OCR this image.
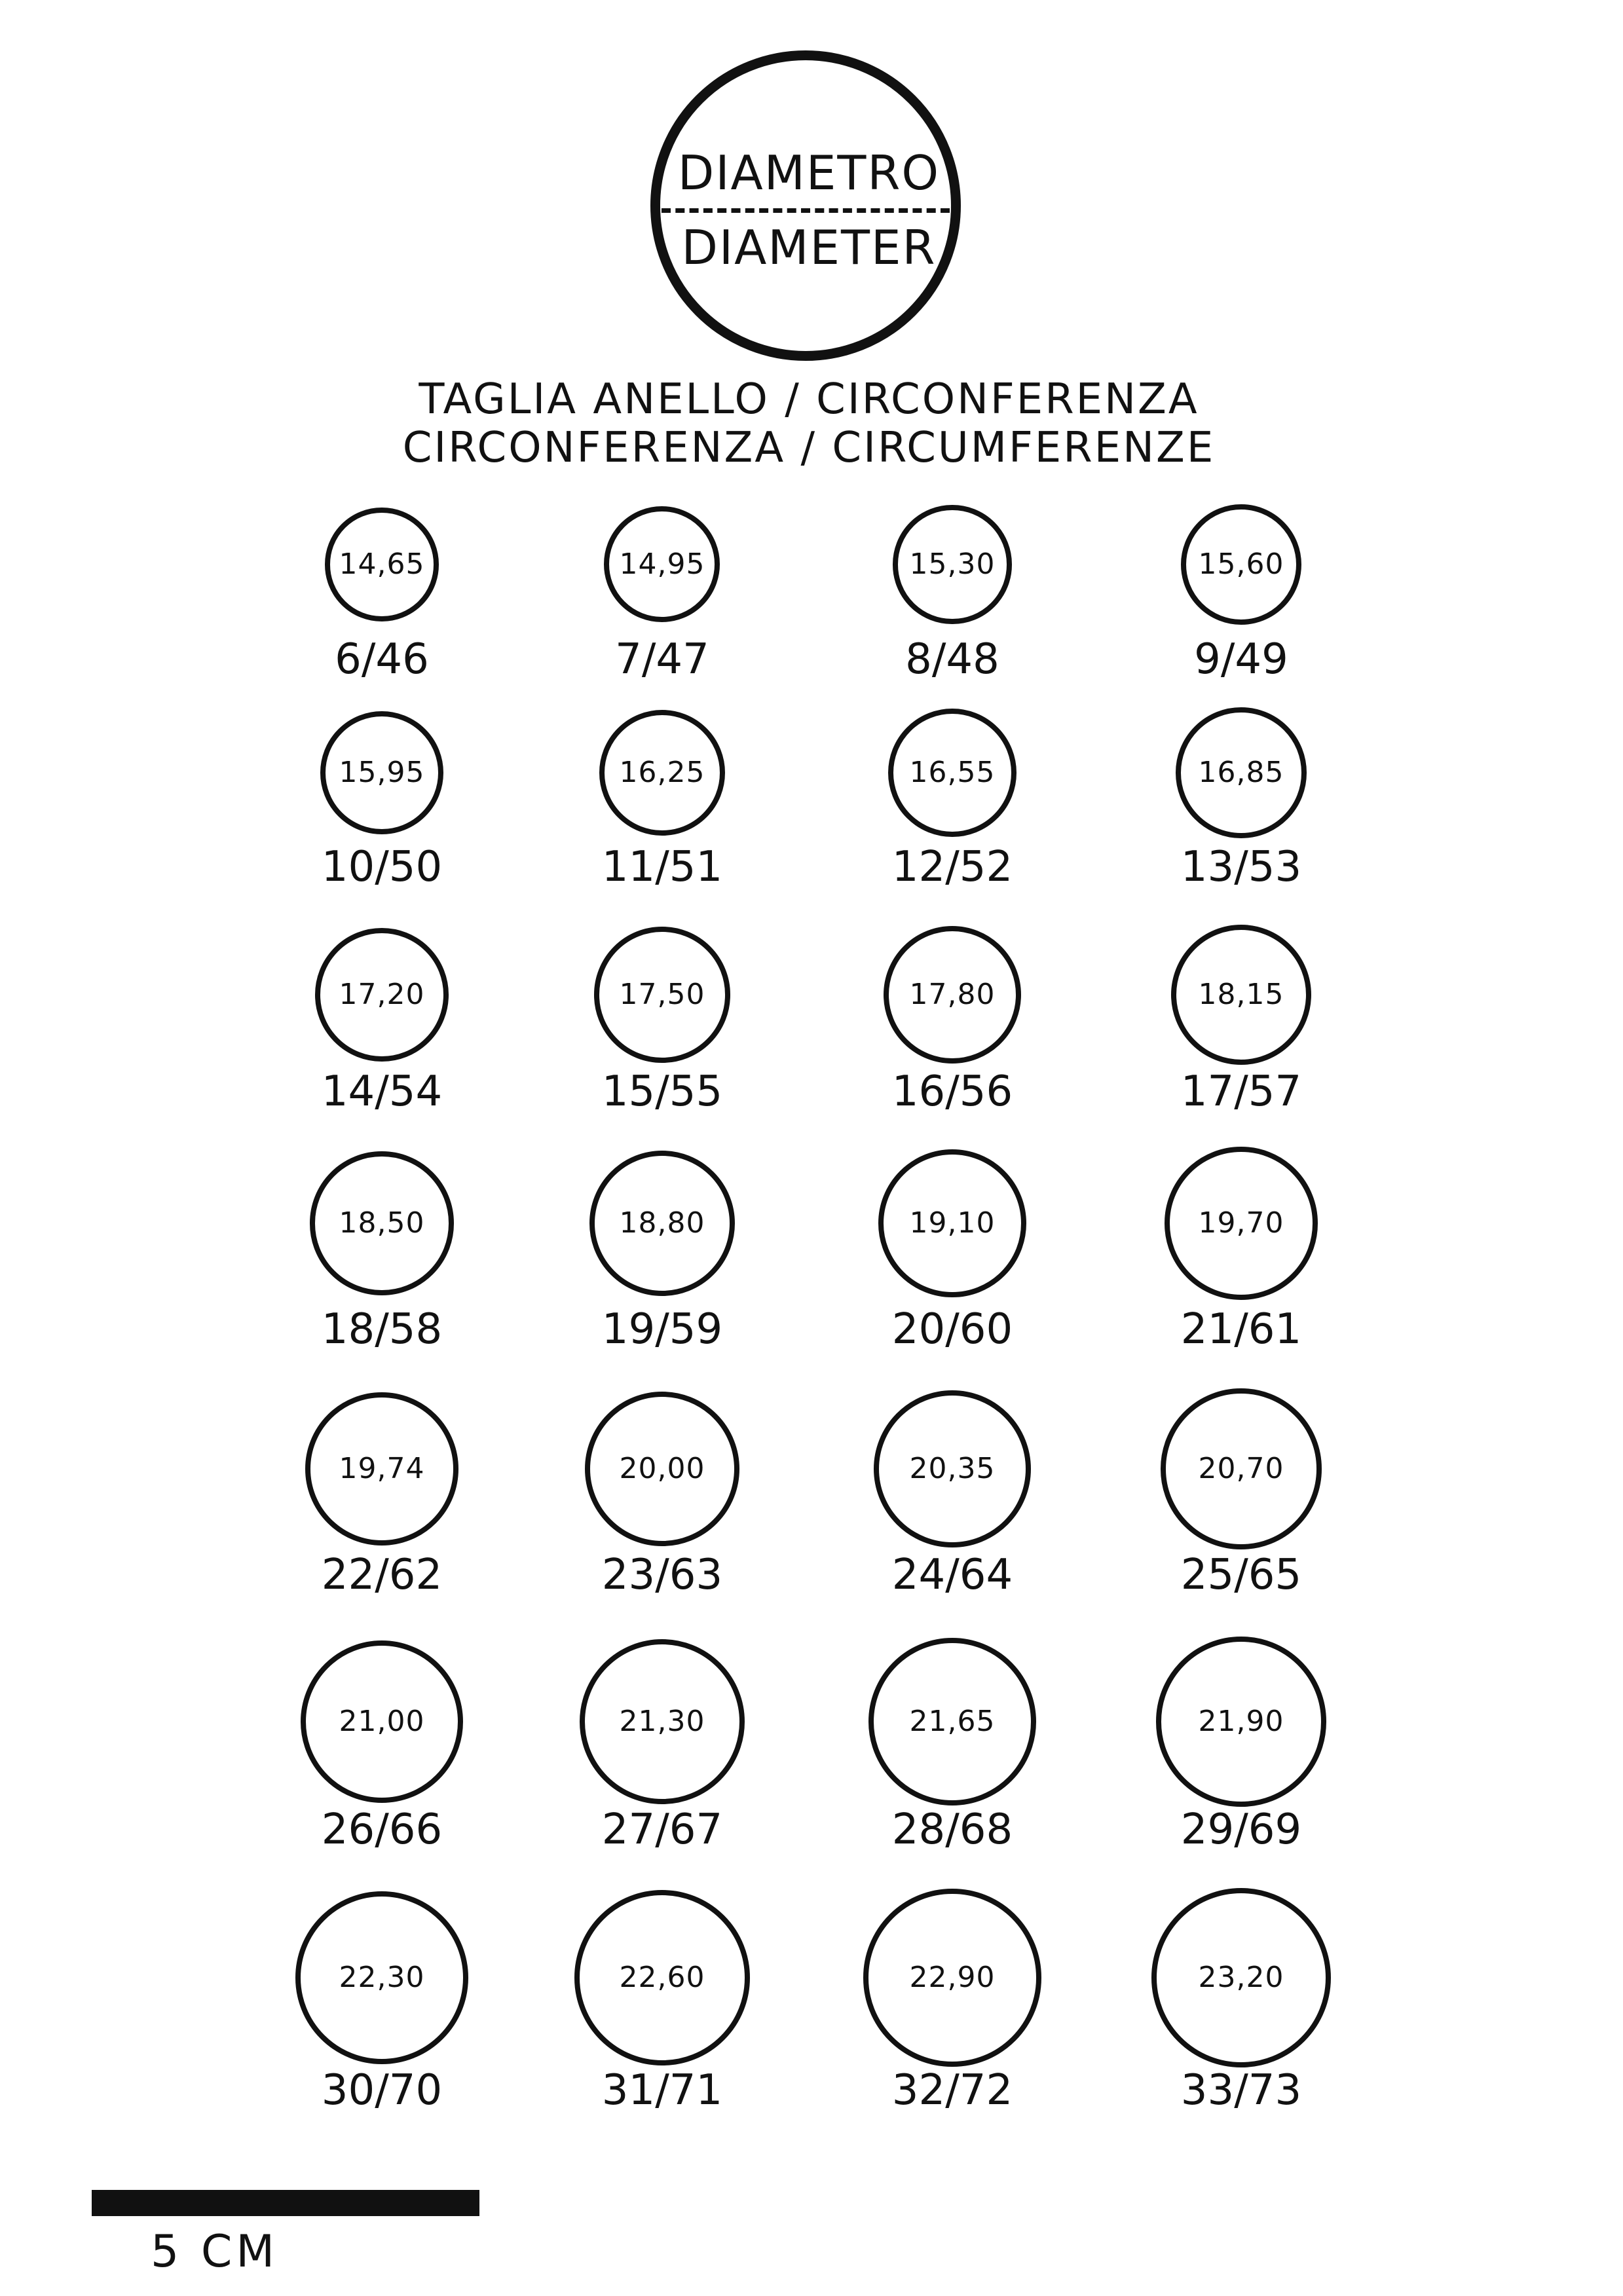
DIAMETRO
DIAMETER
TAGLIA ANELLO / CIRCONFERENZA
CIRCONFERENZA / CIRCUMFERENZE
14,65
6/46
14,95
7/47
15,30
8/48
15,60
9/49
15,95
10/50
16,25
11/51
16,55
12/52
16,85
13/53
17,20
14/54
17,50
15/55
17,80
16/56
18,15
17/57
18,50
18/58
18,80
19/59
19,10
20/60
19,70
21/61
19,74
22/62
20,00
23/63
20,35
24/64
20,70
25/65
21,00
26/66
21,30
27/67
21,65
28/68
21,90
29/69
22,30
30/70
22,60
31/71
22,90
32/72
23,20
33/73
5 CM
